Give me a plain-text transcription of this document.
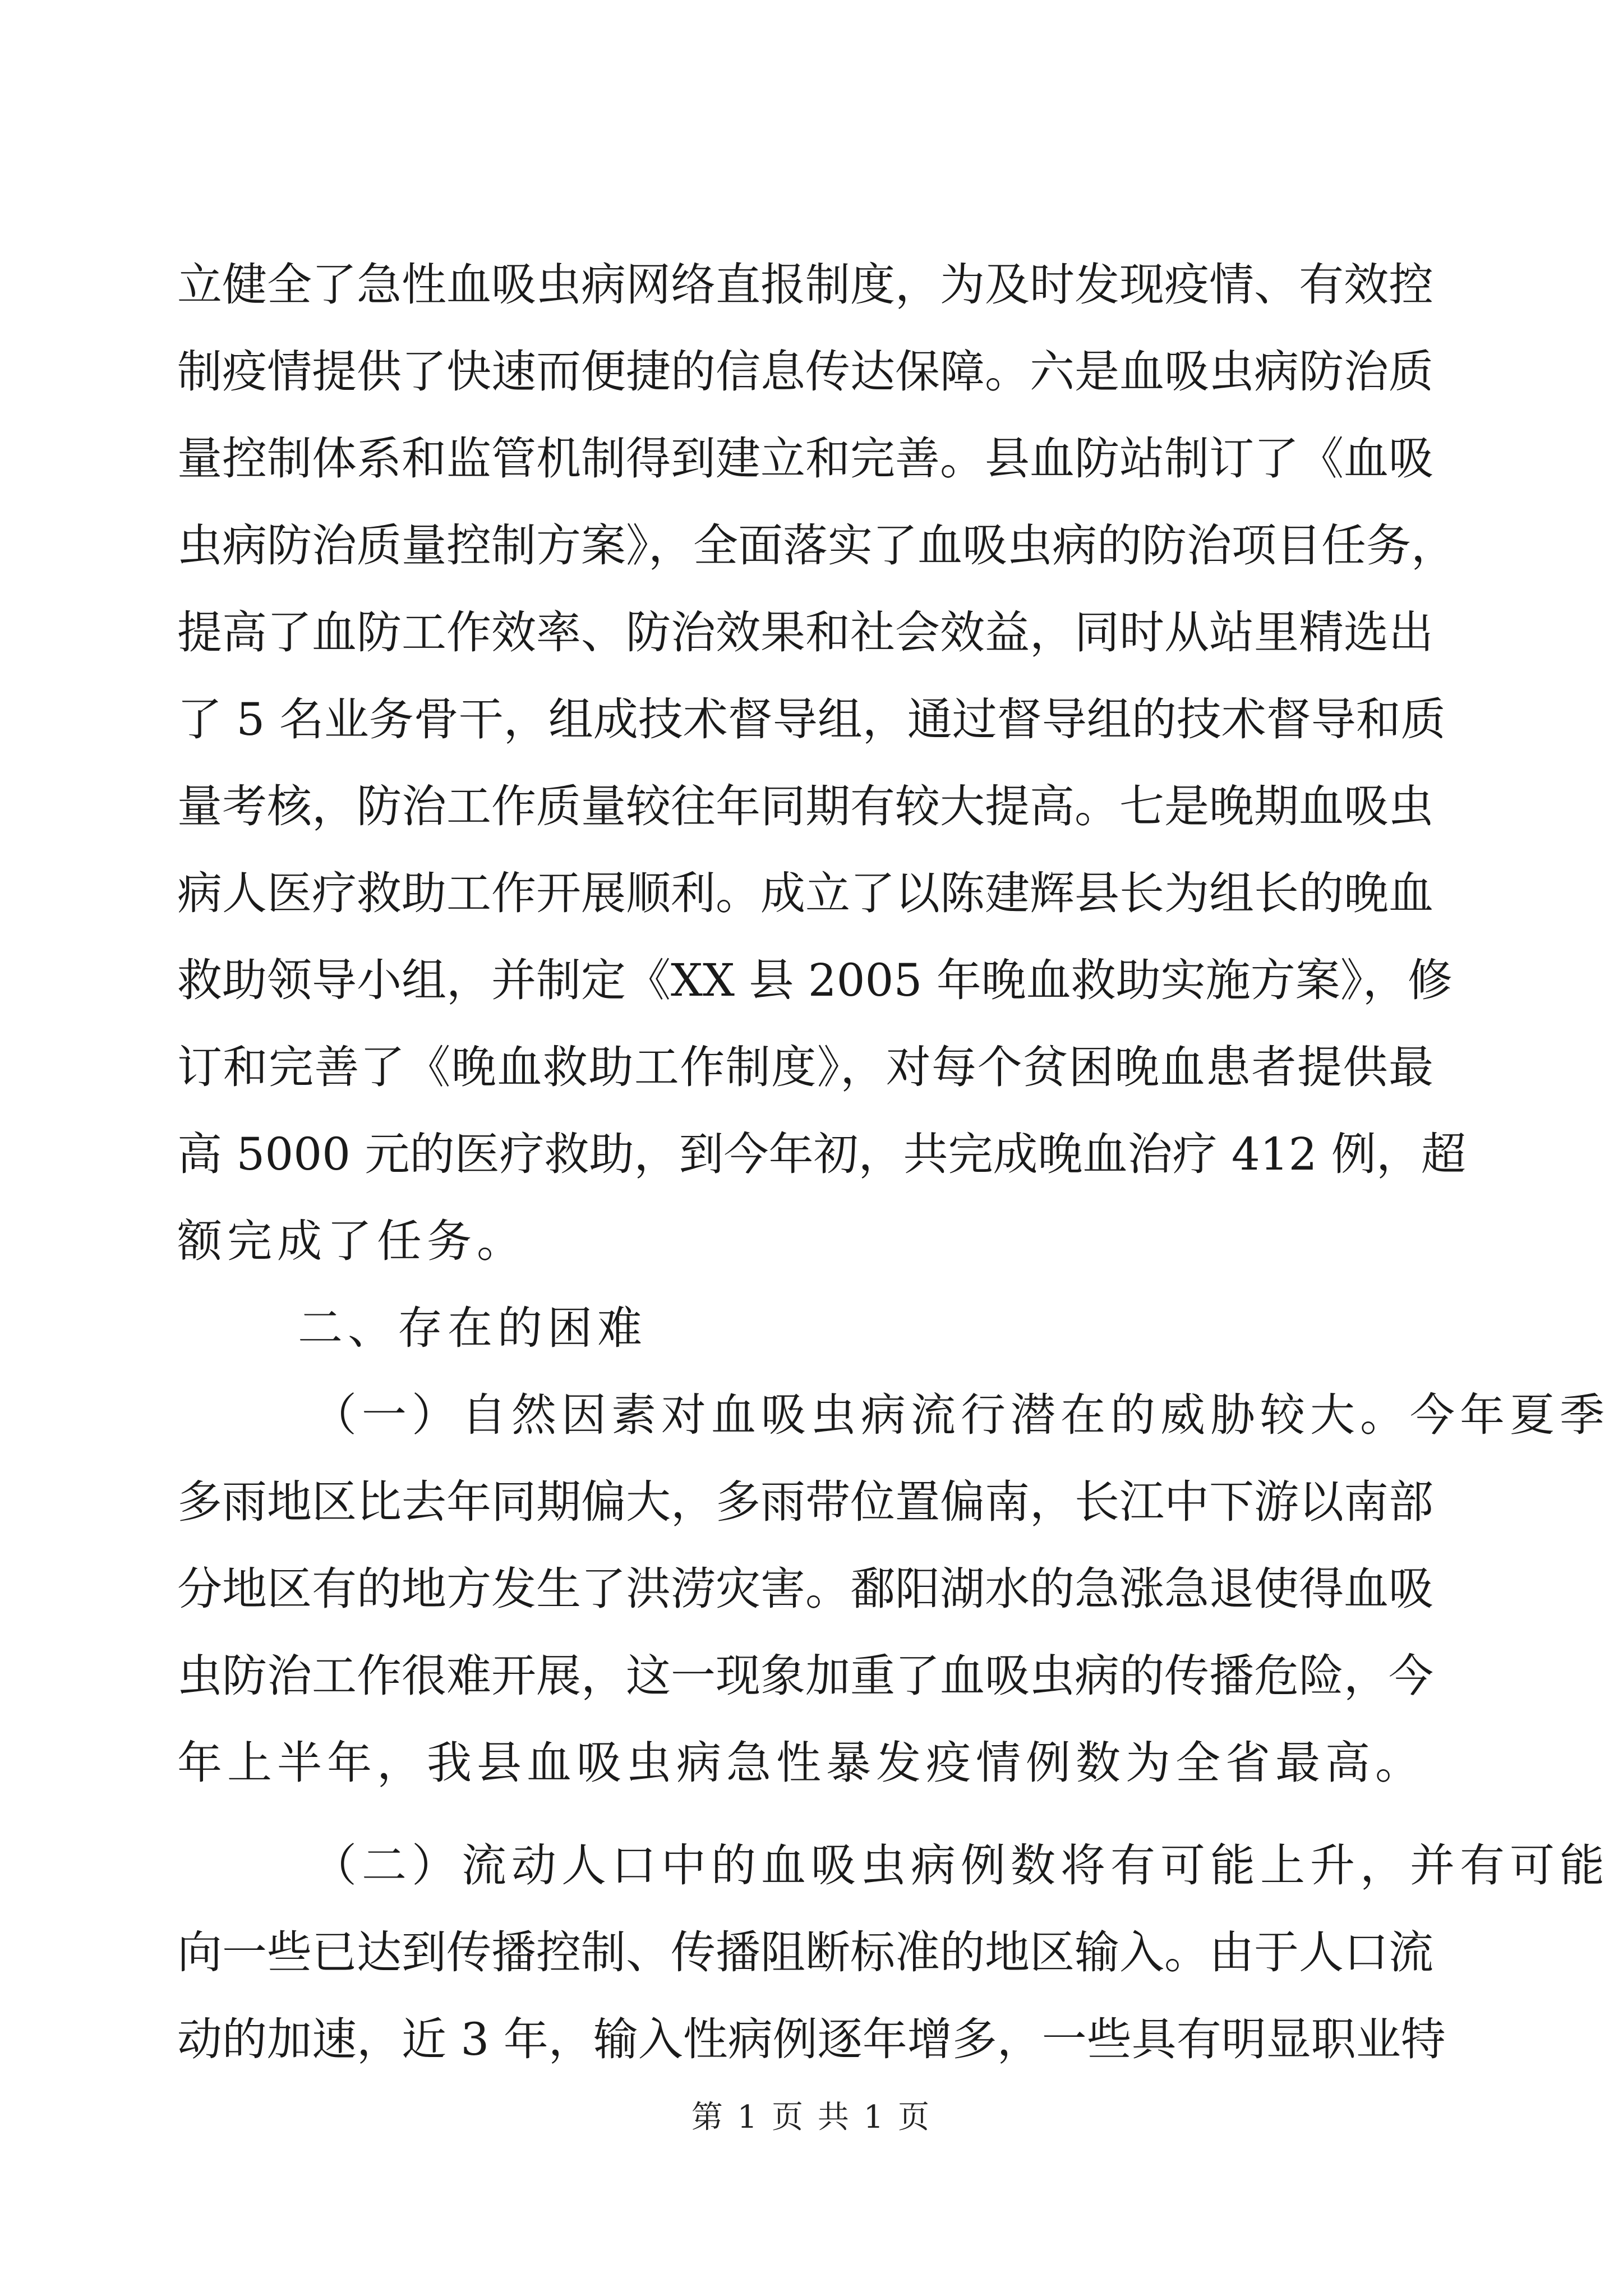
立健全了急性血吸虫病网络直报制度，为及时发现疫情、有效控
制疫情提供了快速而便捷的信息传达保障。六是血吸虫病防治质
量控制体系和监管机制得到建立和完善。县血防站制订了《血吸
虫病防治质量控制方案》，全面落实了血吸虫病的防治项目任务，
提高了血防工作效率、防治效果和社会效益，同时从站里精选出
了 5 名业务骨干，组成技术督导组，通过督导组的技术督导和质
量考核，防治工作质量较往年同期有较大提高。七是晚期血吸虫
病人医疗救助工作开展顺利。成立了以陈建辉县长为组长的晚血
救助领导小组，并制定《XX 县 2005 年晚血救助实施方案》，修
订和完善了《晚血救助工作制度》，对每个贫困晚血患者提供最
高 5000 元的医疗救助，到今年初，共完成晚血治疗 412 例，超
额完成了任务。
二、存在的困难
（一）自然因素对血吸虫病流行潜在的威胁较大。今年夏季
多雨地区比去年同期偏大，多雨带位置偏南，长江中下游以南部
分地区有的地方发生了洪涝灾害。鄱阳湖水的急涨急退使得血吸
虫防治工作很难开展，这一现象加重了血吸虫病的传播危险，今
年上半年，我县血吸虫病急性暴发疫情例数为全省最高。
（二）流动人口中的血吸虫病例数将有可能上升，并有可能
向一些已达到传播控制、传播阻断标准的地区输入。由于人口流
动的加速，近 3 年，输入性病例逐年增多，一些具有明显职业特
第 1 页 共 1 页
